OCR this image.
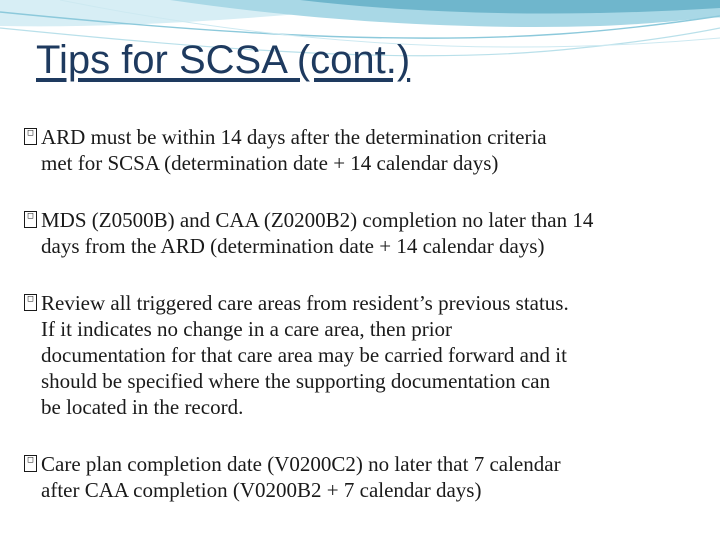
Tips for SCSA (cont.)
□ ARD must be within 14 days after the determination criteria
met for SCSA (determination date + 14 calendar days)
□ MDS (Z0500B) and CAA (Z0200B2) completion no later than 14
days from the ARD (determination date + 14 calendar days)
□ Review all triggered care areas from resident’s previous status.
If it indicates no change in a care area, then prior
documentation for that care area may be carried forward and it
should be specified where the supporting documentation can
be located in the record.
□ Care plan completion date (V0200C2) no later that 7 calendar
after CAA completion (V0200B2 + 7 calendar days)
